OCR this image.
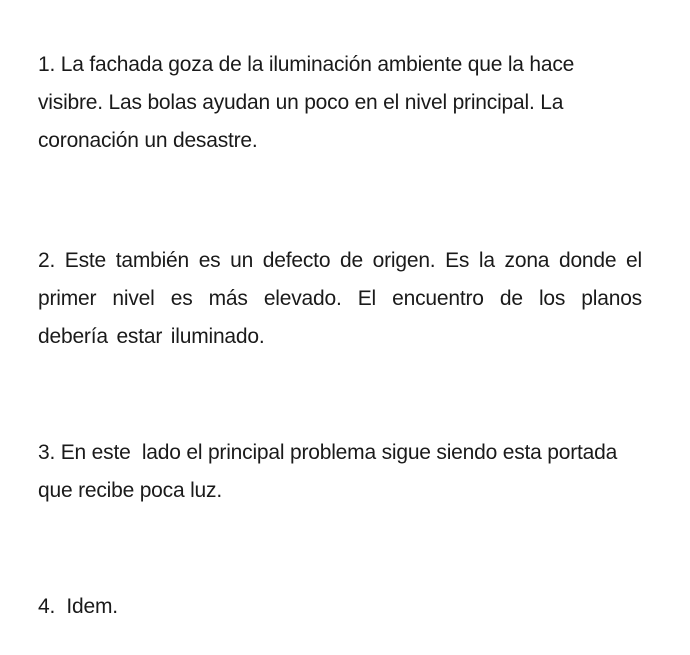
1. La fachada goza de la iluminación ambiente que la hace visibre. Las bolas ayudan un poco en el nivel principal. La coronación un desastre.

2. Este también es un defecto de origen. Es la zona donde el primer nivel es más elevado. El encuentro de los planos debería estar iluminado.

3. En este  lado el principal problema sigue siendo esta portada que recibe poca luz.

4.  Idem.
